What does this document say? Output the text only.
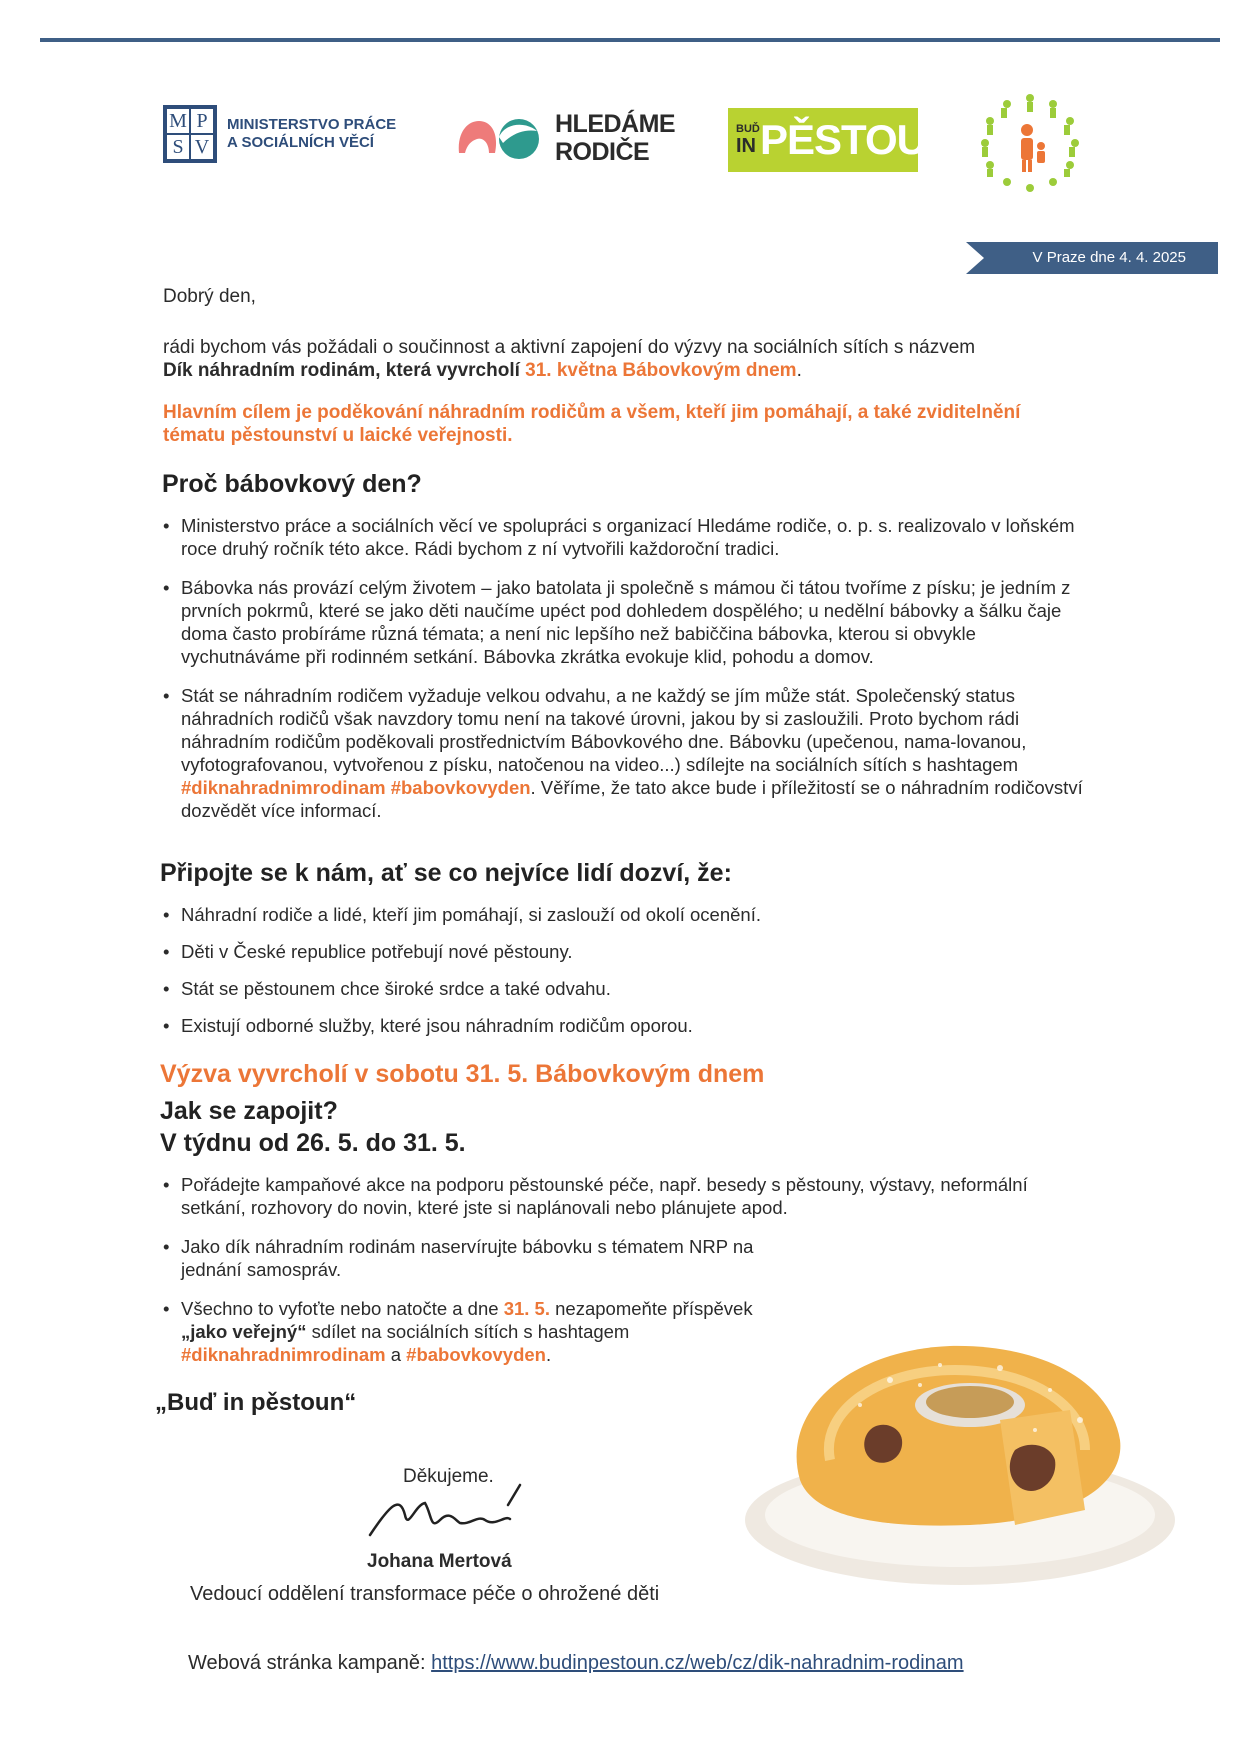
M P
S V
MINISTERSTVO PRÁCE
A SOCIÁLNÍCH VĚCÍ
HLEDÁME
RODIČE
BUĎ
IN PĚSTOUN
V Praze dne 4. 4. 2025
Dobrý den,
rádi bychom vás požádali o součinnost a aktivní zapojení do výzvy na sociálních sítích s názvem
Dík náhradním rodinám, která vyvrcholí 31. května Bábovkovým dnem.
Hlavním cílem je poděkování náhradním rodičům a všem, kteří jim pomáhají, a také zviditelnění
tématu pěstounství u laické veřejnosti.
Proč bábovkový den?
• Ministerstvo práce a sociálních věcí ve spolupráci s organizací Hledáme rodiče, o. p. s. realizovalo v loňském roce druhý ročník této akce. Rádi bychom z ní vytvořili každoroční tradici.
• Bábovka nás provází celým životem – jako batolata ji společně s mámou či tátou tvoříme z písku; je jedním z prvních pokrmů, které se jako děti naučíme upéct pod dohledem dospělého; u nedělní bábovky a šálku čaje doma často probíráme různá témata; a není nic lepšího než babiččina bábovka, kterou si obvykle vychutnáváme při rodinném setkání. Bábovka zkrátka evokuje klid, pohodu a domov.
• Stát se náhradním rodičem vyžaduje velkou odvahu, a ne každý se jím může stát. Společenský status náhradních rodičů však navzdory tomu není na takové úrovni, jakou by si zasloužili. Proto bychom rádi náhradním rodičům poděkovali prostřednictvím Bábovkového dne. Bábovku (upečenou, nama-lovanou, vyfotografovanou, vytvořenou z písku, natočenou na video...) sdílejte na sociálních sítích s hashtagem #diknahradnimrodinam #babovkovyden. Věříme, že tato akce bude i příležitostí se o náhradním rodičovství dozvědět více informací.
Připojte se k nám, ať se co nejvíce lidí dozví, že:
• Náhradní rodiče a lidé, kteří jim pomáhají, si zaslouží od okolí ocenění.
• Děti v České republice potřebují nové pěstouny.
• Stát se pěstounem chce široké srdce a také odvahu.
• Existují odborné služby, které jsou náhradním rodičům oporou.
Výzva vyvrcholí v sobotu 31. 5. Bábovkovým dnem
Jak se zapojit?
V týdnu od 26. 5. do 31. 5.
• Pořádejte kampaňové akce na podporu pěstounské péče, např. besedy s pěstouny, výstavy, neformální setkání, rozhovory do novin, které jste si naplánovali nebo plánujete apod.
• Jako dík náhradním rodinám naservírujte bábovku s tématem NRP na jednání samospráv.
• Všechno to vyfoťte nebo natočte a dne 31. 5. nezapomeňte příspěvek „jako veřejný“ sdílet na sociálních sítích s hashtagem #diknahradnimrodinam a #babovkovyden.
„Buď in pěstoun“
Děkujeme.
Johana Mertová
Vedoucí oddělení transformace péče o ohrožené děti
Webová stránka kampaně: https://www.budinpestoun.cz/web/cz/dik-nahradnim-rodinam
